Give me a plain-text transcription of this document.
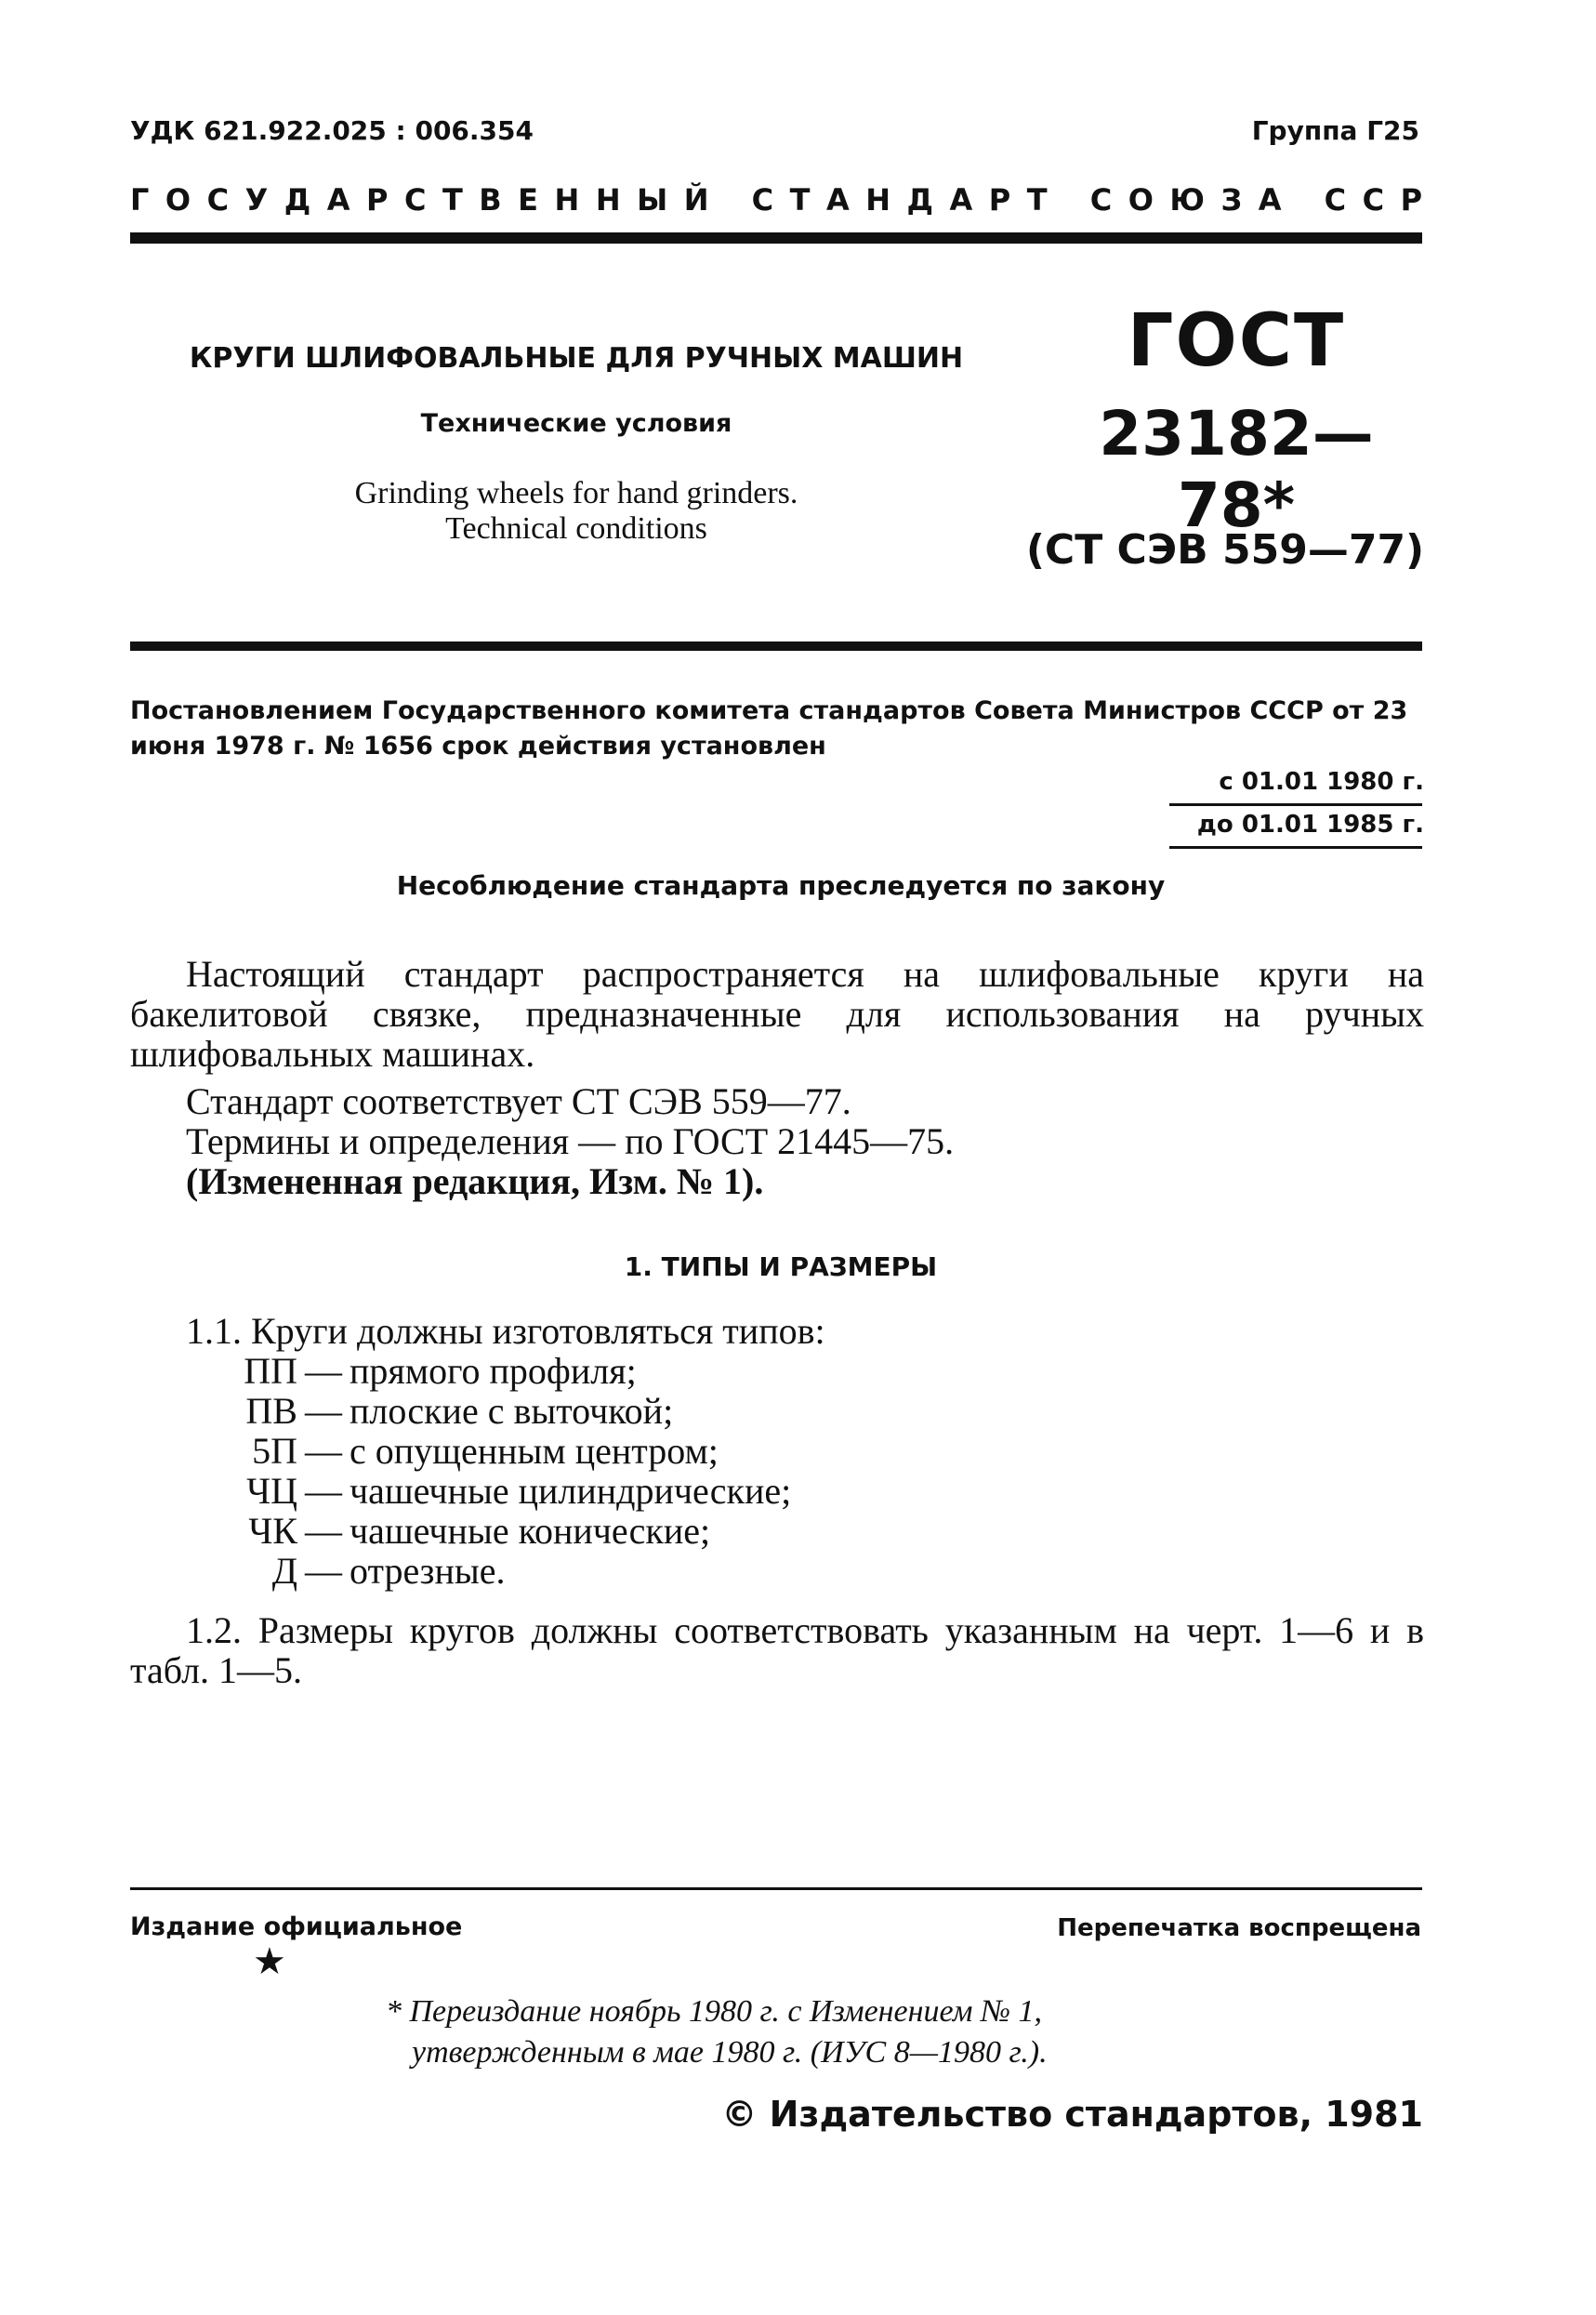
УДК 621.922.025 : 006.354	Группа Г25
ГОСУДАРСТВЕННЫЙ СТАНДАРТ СОЮЗА ССР
КРУГИ ШЛИФОВАЛЬНЫЕ ДЛЯ РУЧНЫХ МАШИН
Технические условия
Grinding wheels for hand grinders.
Technical conditions
ГОСТ
23182—78*
(СТ СЭВ 559—77)
Постановлением Государственного комитета стандартов Совета Министров СССР от 23 июня 1978 г. № 1656 срок действия установлен
с 01.01 1980 г.
до 01.01 1985 г.
Несоблюдение стандарта преследуется по закону
Настоящий стандарт распространяется на шлифовальные круги на бакелитовой связке, предназначенные для использования на ручных шлифовальных машинах.
Стандарт соответствует СТ СЭВ 559—77.
Термины и определения — по ГОСТ 21445—75.
(Измененная редакция, Изм. № 1).
1. ТИПЫ И РАЗМЕРЫ
1.1. Круги должны изготовляться типов:
ПП — прямого профиля;
ПВ — плоские с выточкой;
5П — с опущенным центром;
ЧЦ — чашечные цилиндрические;
ЧК — чашечные конические;
Д — отрезные.
1.2. Размеры кругов должны соответствовать указанным на черт. 1—6 и в табл. 1—5.
Издание официальное
★
Перепечатка воспрещена
* Переиздание ноябрь 1980 г. с Изменением № 1,
утвержденным в мае 1980 г. (ИУС 8—1980 г.).
© Издательство стандартов, 1981
